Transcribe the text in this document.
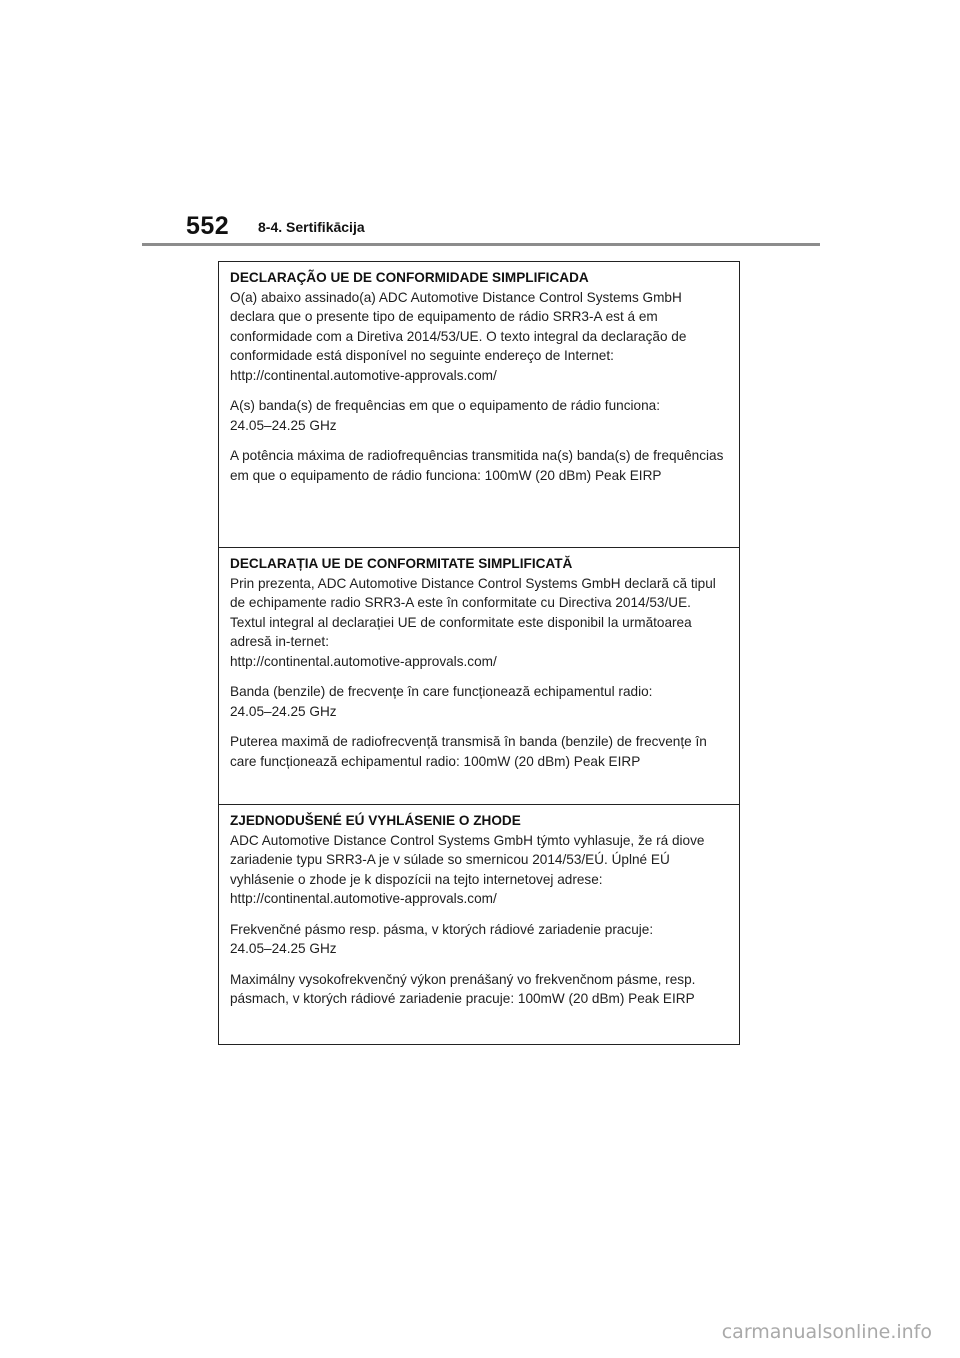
552 8-4. Sertifikācija
DECLARAÇÃO UE DE CONFORMIDADE SIMPLIFICADA
O(a) abaixo assinado(a) ADC Automotive Distance Control Systems GmbH declara que o presente tipo de equipamento de rádio SRR3-A est á em conformidade com a Diretiva 2014/53/UE. O texto integral da declaração de conformidade está disponível no seguinte endereço de Internet:
http://continental.automotive-approvals.com/
A(s) banda(s) de frequências em que o equipamento de rádio funciona:
24.05–24.25 GHz
A potência máxima de radiofrequências transmitida na(s) banda(s) de frequências em que o equipamento de rádio funciona: 100mW (20 dBm) Peak EIRP
DECLARAȚIA UE DE CONFORMITATE SIMPLIFICATĂ
Prin prezenta, ADC Automotive Distance Control Systems GmbH declară că tipul de echipamente radio SRR3-A este în conformitate cu Directiva 2014/53/UE. Textul integral al declarației UE de conformitate este disponibil la următoarea adresă in-ternet:
http://continental.automotive-approvals.com/
Banda (benzile) de frecvențe în care funcționează echipamentul radio:
24.05–24.25 GHz
Puterea maximă de radiofrecvență transmisă în banda (benzile) de frecvențe în care funcționează echipamentul radio: 100mW (20 dBm) Peak EIRP
ZJEDNODUŠENÉ EÚ VYHLÁSENIE O ZHODE
ADC Automotive Distance Control Systems GmbH týmto vyhlasuje, že rá diove zariadenie typu SRR3-A je v súlade so smernicou 2014/53/EÚ. Úplné EÚ vyhlásenie o zhode je k dispozícii na tejto internetovej adrese:
http://continental.automotive-approvals.com/
Frekvenčné pásmo resp. pásma, v ktorých rádiové zariadenie pracuje:
24.05–24.25 GHz
Maximálny vysokofrekvenčný výkon prenášaný vo frekvenčnom pásme, resp. pásmach, v ktorých rádiové zariadenie pracuje: 100mW (20 dBm) Peak EIRP
carmanualsonline.info
